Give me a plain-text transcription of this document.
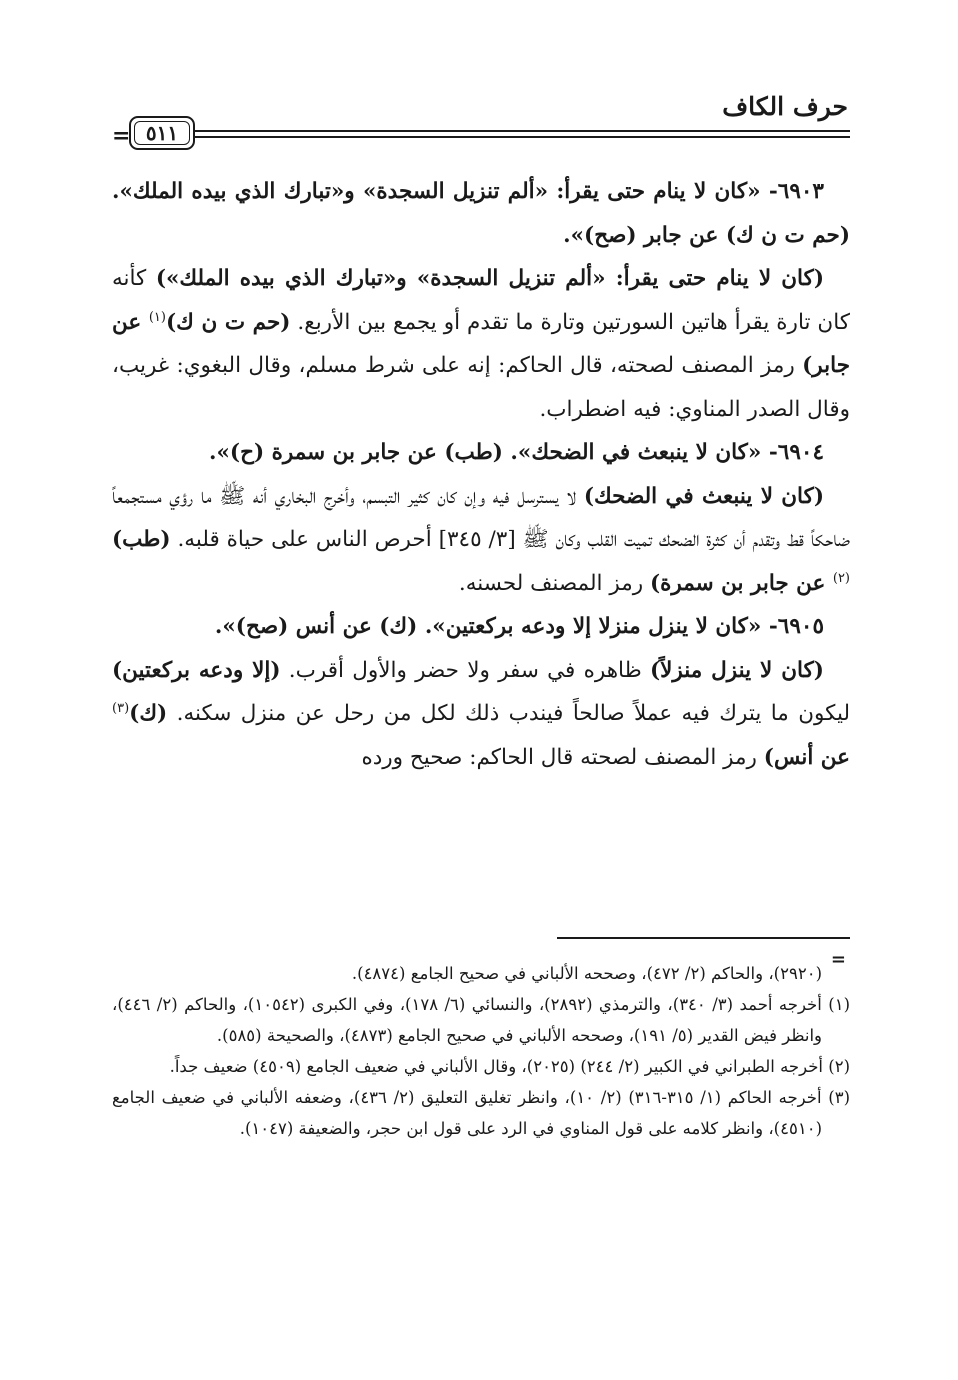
حرف الكاف
= ٥١١

٦٩٠٣- «كان لا ينام حتى يقرأ: «ألم تنزيل السجدة» و«تبارك الذي بيده الملك». (حم ت ن ك) عن جابر (صح)».

(كان لا ينام حتى يقرأ: «ألم تنزيل السجدة» و«تبارك الذي بيده الملك») كأنه كان تارة يقرأ هاتين السورتين وتارة ما تقدم أو يجمع بين الأربع. (حم ت ن ك)$^{(١)}$ عن جابر) رمز المصنف لصحته، قال الحاكم: إنه على شرط مسلم، وقال البغوي: غريب، وقال الصدر المناوي: فيه اضطراب.

٦٩٠٤- «كان لا ينبعث في الضحك». (طب) عن جابر بن سمرة (ح)».

(كان لا ينبعث في الضحك) لا يسترسل فيه وإن كان كثير التبسم، وأخرج البخاري أنه ﷺ ما رؤي مستجمعاً ضاحكاً قط وتقدم أن كثرة الضحك تميت القلب وكان ﷺ [٣/ ٣٤٥] أحرص الناس على حياة قلبه. (طب)$^{(٢)}$ عن جابر بن سمرة) رمز المصنف لحسنه.

٦٩٠٥- «كان لا ينزل منزلا إلا ودعه بركعتين». (ك) عن أنس (صح)».

(كان لا ينزل منزلاً) ظاهره في سفر ولا حضر والأول أقرب. (إلا ودعه بركعتين) ليكون ما يترك فيه عملاً صالحاً فيندب ذلك لكل من رحل عن منزل سكنه. (ك)$^{(٣)}$ عن أنس) رمز المصنف لصحته قال الحاكم: صحيح ورده

=

(٢٩٢٠)، والحاكم (٢/ ٤٧٢)، وصححه الألباني في صحيح الجامع (٤٨٧٤).

(١) أخرجه أحمد (٣/ ٣٤٠)، والترمذي (٢٨٩٢)، والنسائي (٦/ ١٧٨)، وفي الكبرى (١٠٥٤٢)، والحاكم (٢/ ٤٤٦)، وانظر فيض القدير (٥/ ١٩١)، وصححه الألباني في صحيح الجامع (٤٨٧٣)، والصحيحة (٥٨٥).

(٢) أخرجه الطبراني في الكبير (٢/ ٢٤٤) (٢٠٢٥)، وقال الألباني في ضعيف الجامع (٤٥٠٩) ضعيف جداً.

(٣) أخرجه الحاكم (١/ ٣١٥-٣١٦) (٢/ ١٠)، وانظر تغليق التعليق (٢/ ٤٣٦)، وضعفه الألباني في ضعيف الجامع (٤٥١٠)، وانظر كلامه على قول المناوي في الرد على قول ابن حجر، والضعيفة (١٠٤٧).
